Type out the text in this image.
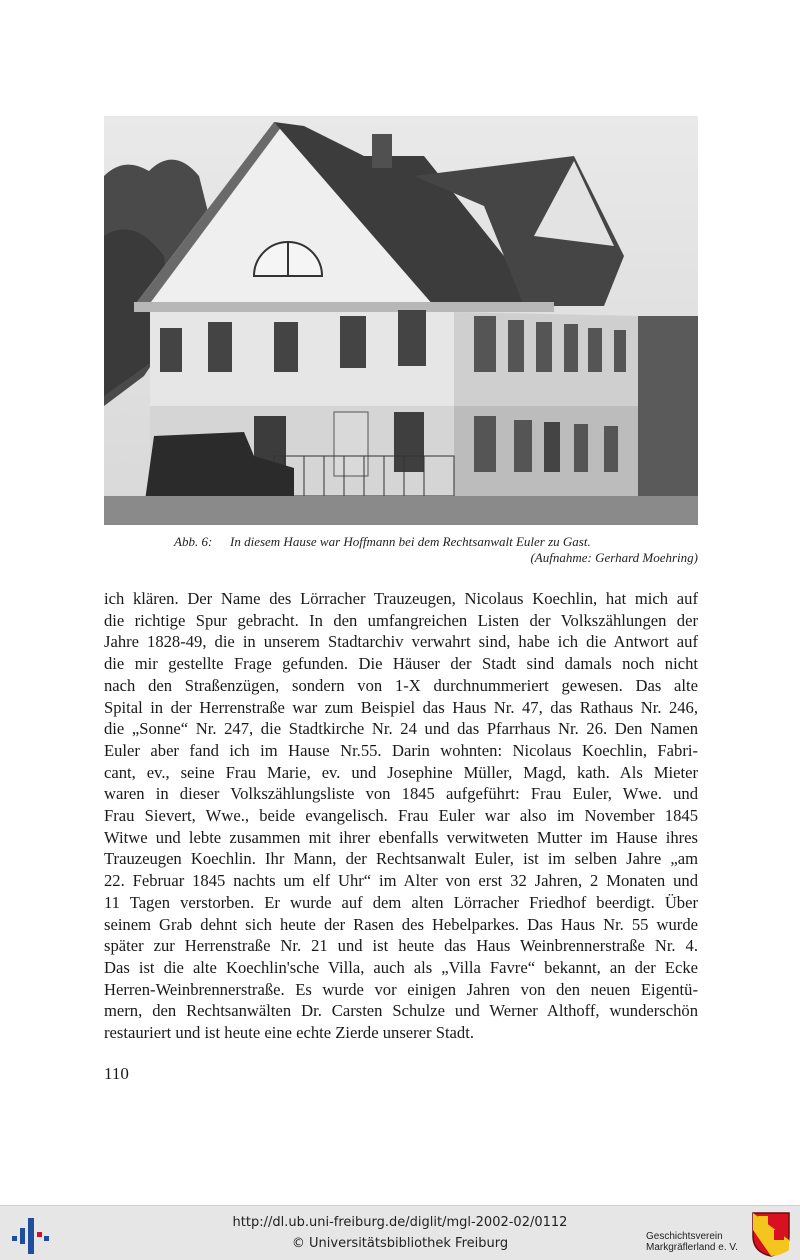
Abb. 6: In diesem Hause war Hoffmann bei dem Rechtsanwalt Euler zu Gast.
(Aufnahme: Gerhard Moehring)
ich klären. Der Name des Lörracher Trauzeugen, Nicolaus Koechlin, hat mich auf
die richtige Spur gebracht. In den umfangreichen Listen der Volkszählungen der
Jahre 1828-49, die in unserem Stadtarchiv verwahrt sind, habe ich die Antwort auf
die mir gestellte Frage gefunden. Die Häuser der Stadt sind damals noch nicht
nach den Straßenzügen, sondern von 1-X durchnummeriert gewesen. Das alte
Spital in der Herrenstraße war zum Beispiel das Haus Nr. 47, das Rathaus Nr. 246,
die „Sonne“ Nr. 247, die Stadtkirche Nr. 24 und das Pfarrhaus Nr. 26. Den Namen
Euler aber fand ich im Hause Nr.55. Darin wohnten: Nicolaus Koechlin, Fabri-
cant, ev., seine Frau Marie, ev. und Josephine Müller, Magd, kath. Als Mieter
waren in dieser Volkszählungsliste von 1845 aufgeführt: Frau Euler, Wwe. und
Frau Sievert, Wwe., beide evangelisch. Frau Euler war also im November 1845
Witwe und lebte zusammen mit ihrer ebenfalls verwitweten Mutter im Hause ihres
Trauzeugen Koechlin. Ihr Mann, der Rechtsanwalt Euler, ist im selben Jahre „am
22. Februar 1845 nachts um elf Uhr“ im Alter von erst 32 Jahren, 2 Monaten und
11 Tagen verstorben. Er wurde auf dem alten Lörracher Friedhof beerdigt. Über
seinem Grab dehnt sich heute der Rasen des Hebelparkes. Das Haus Nr. 55 wurde
später zur Herrenstraße Nr. 21 und ist heute das Haus Weinbrennerstraße Nr. 4.
Das ist die alte Koechlin'sche Villa, auch als „Villa Favre“ bekannt, an der Ecke
Herren-Weinbrennerstraße. Es wurde vor einigen Jahren von den neuen Eigentü-
mern, den Rechtsanwälten Dr. Carsten Schulze und Werner Althoff, wunderschön
restauriert und ist heute eine echte Zierde unserer Stadt.
110
http://dl.ub.uni-freiburg.de/diglit/mgl-2002-02/0112
© Universitätsbibliothek Freiburg	Geschichtsverein
Markgräflerland e. V.
